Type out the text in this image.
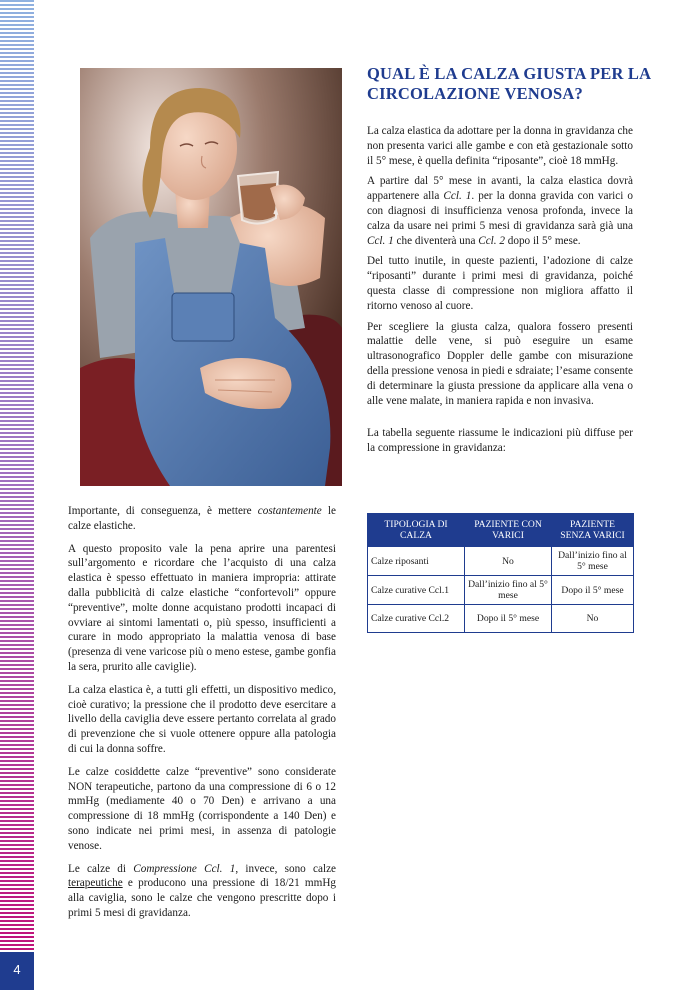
4
QUAL È LA CALZA GIUSTA PER LA CIRCOLAZIONE VENOSA?

La calza elastica da adottare per la donna in gravidanza che non presenta varici alle gambe e con età gestazionale sotto il 5° mese, è quella definita “riposante”, cioè 18 mmHg.

A partire dal 5° mese in avanti, la calza elastica dovrà appartenere alla Ccl. 1. per la donna gravida con varici o con diagnosi di insufficienza venosa profonda, invece la calza da usare nei primi 5 mesi di gravidanza sarà già una Ccl. 1 che diventerà una Ccl. 2 dopo il 5° mese.

Del tutto inutile, in queste pazienti, l’adozione di calze “riposanti” durante i primi mesi di gravidanza, poiché questa classe di compressione non migliora affatto il ritorno venoso al cuore.

Per scegliere la giusta calza, qualora fossero presenti malattie delle vene, si può eseguire un esame ultrasonografico Doppler delle gambe con misurazione della pressione venosa in piedi e sdraiate; l’esame consente di determinare la giusta pressione da applicare alla vena o alle vene malate, in maniera rapida e non invasiva.

La tabella seguente riassume le indicazioni più diffuse per la compressione in gravidanza:

TIPOLOGIA DI CALZA	PAZIENTE CON VARICI	PAZIENTE SENZA VARICI
Calze riposanti	No	Dall’inizio fino al 5° mese
Calze curative Ccl.1	Dall’inizio fino al 5° mese	Dopo il 5° mese
Calze curative Ccl.2	Dopo il 5° mese	No

Importante, di conseguenza, è mettere costantemente le calze elastiche.

A questo proposito vale la pena aprire una parentesi sull’argomento e ricordare che l’acquisto di una calza elastica è spesso effettuato in maniera impropria: attirate dalla pubblicità di calze elastiche “confortevoli” oppure “preventive”, molte donne acquistano prodotti incapaci di ovviare ai sintomi lamentati o, più spesso, insufficienti a curare in modo appropriato la malattia venosa di base (presenza di vene varicose più o meno estese, gambe gonfia la sera, prurito alle caviglie).

La calza elastica è, a tutti gli effetti, un dispositivo medico, cioè curativo; la pressione che il prodotto deve esercitare a livello della caviglia deve essere pertanto correlata al grado di prevenzione che si vuole ottenere oppure alla patologia di cui la donna soffre.

Le calze cosiddette calze “preventive” sono considerate NON terapeutiche, partono da una compressione di 6 o 12 mmHg (mediamente 40 o 70 Den) e arrivano a una compressione di 18 mmHg (corrispondente a 140 Den) e sono indicate nei primi mesi, in assenza di patologie venose.

Le calze di Compressione Ccl. 1, invece, sono calze terapeutiche e producono una pressione di 18/21 mmHg alla caviglia, sono le calze che vengono prescritte dopo i primi 5 mesi di gravidanza.
